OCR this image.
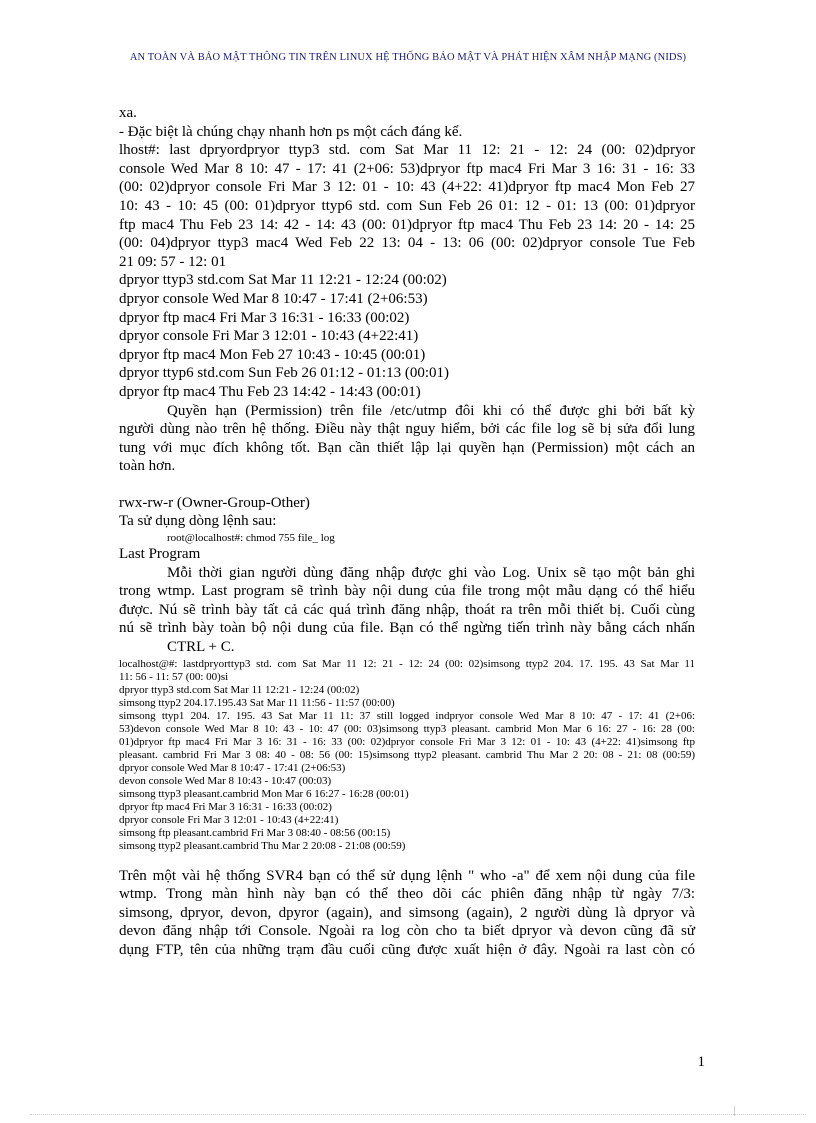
AN TOÀN VÀ BẢO MẬT THÔNG TIN TRÊN LINUX HỆ THỐNG BẢO MẬT VÀ PHÁT HIỆN XÂM NHẬP MẠNG (NIDS)
xa.
- Đặc biệt là chúng chạy nhanh hơn ps một cách đáng kể.
lhost#: last dpryordpryor ttyp3 std. com Sat Mar 11 12: 21 - 12: 24 (00: 02)dpryor
console Wed Mar 8 10: 47 - 17: 41 (2+06: 53)dpryor ftp mac4 Fri Mar 3 16: 31 - 16: 33
(00: 02)dpryor console Fri Mar 3 12: 01 - 10: 43 (4+22: 41)dpryor ftp mac4 Mon Feb 27
10: 43 - 10: 45 (00: 01)dpryor ttyp6 std. com Sun Feb 26 01: 12 - 01: 13 (00: 01)dpryor
ftp mac4 Thu Feb 23 14: 42 - 14: 43 (00: 01)dpryor ftp mac4 Thu Feb 23 14: 20 - 14: 25
(00: 04)dpryor ttyp3 mac4 Wed Feb 22 13: 04 - 13: 06 (00: 02)dpryor console Tue Feb
21 09: 57 - 12: 01
dpryor ttyp3 std.com Sat Mar 11 12:21 - 12:24 (00:02)
dpryor console Wed Mar 8 10:47 - 17:41 (2+06:53)
dpryor ftp mac4 Fri Mar 3 16:31 - 16:33 (00:02)
dpryor console Fri Mar 3 12:01 - 10:43 (4+22:41)
dpryor ftp mac4 Mon Feb 27 10:43 - 10:45 (00:01)
dpryor ttyp6 std.com Sun Feb 26 01:12 - 01:13 (00:01)
dpryor ftp mac4 Thu Feb 23 14:42 - 14:43 (00:01)
Quyền hạn (Permission) trên file /etc/utmp đôi khi có thể được ghi bởi bất kỳ
người dùng nào trên hệ thống. Điều này thật nguy hiểm, bởi các file log sẽ bị sửa đổi lung
tung với mục đích không tốt. Bạn cần thiết lập lại quyền hạn (Permission) một cách an
toàn hơn.
rwx-rw-r (Owner-Group-Other)
Ta sử dụng dòng lệnh sau:
root@localhost#: chmod 755 file_ log
Last Program
Mỗi thời gian người dùng đăng nhập được ghi vào Log. Unix sẽ tạo một bản ghi
trong wtmp. Last program sẽ trình bày nội dung của file trong một mẫu dạng có thể hiểu
được. Nú sẽ trình bày tất cả các quá trình đăng nhập, thoát ra trên mỗi thiết bị. Cuối cùng
nú sẽ trình bày toàn bộ nội dung của file. Bạn có thể ngừng tiến trình này bằng cách nhấn
CTRL + C.
localhost@#: lastdpryorttyp3 std. com Sat Mar 11 12: 21 - 12: 24 (00: 02)simsong ttyp2 204. 17. 195. 43 Sat Mar 11
11: 56 - 11: 57 (00: 00)si
dpryor ttyp3 std.com Sat Mar 11 12:21 - 12:24 (00:02)
simsong ttyp2 204.17.195.43 Sat Mar 11 11:56 - 11:57 (00:00)
simsong ttyp1 204. 17. 195. 43 Sat Mar 11 11: 37 still logged indpryor console Wed Mar 8 10: 47 - 17: 41 (2+06:
53)devon console Wed Mar 8 10: 43 - 10: 47 (00: 03)simsong ttyp3 pleasant. cambrid Mon Mar 6 16: 27 - 16: 28 (00:
01)dpryor ftp mac4 Fri Mar 3 16: 31 - 16: 33 (00: 02)dpryor console Fri Mar 3 12: 01 - 10: 43 (4+22: 41)simsong ftp
pleasant. cambrid Fri Mar 3 08: 40 - 08: 56 (00: 15)simsong ttyp2 pleasant. cambrid Thu Mar 2 20: 08 - 21: 08 (00:59)
dpryor console Wed Mar 8 10:47 - 17:41 (2+06:53)
devon console Wed Mar 8 10:43 - 10:47 (00:03)
simsong ttyp3 pleasant.cambrid Mon Mar 6 16:27 - 16:28 (00:01)
dpryor ftp mac4 Fri Mar 3 16:31 - 16:33 (00:02)
dpryor console Fri Mar 3 12:01 - 10:43 (4+22:41)
simsong ftp pleasant.cambrid Fri Mar 3 08:40 - 08:56 (00:15)
simsong ttyp2 pleasant.cambrid Thu Mar 2 20:08 - 21:08 (00:59)
Trên một vài hệ thống SVR4 bạn có thể sử dụng lệnh " who -a" để xem nội dung của file
wtmp. Trong màn hình này bạn có thể theo dõi các phiên đăng nhập từ ngày 7/3:
simsong, dpryor, devon, dpyror (again), and simsong (again), 2 người dùng là dpryor và
devon đăng nhập tới Console. Ngoài ra log còn cho ta biết dpryor và devon cũng đã sử
dụng FTP, tên của những trạm đầu cuối cũng được xuất hiện ở đây. Ngoài ra last còn có
1
